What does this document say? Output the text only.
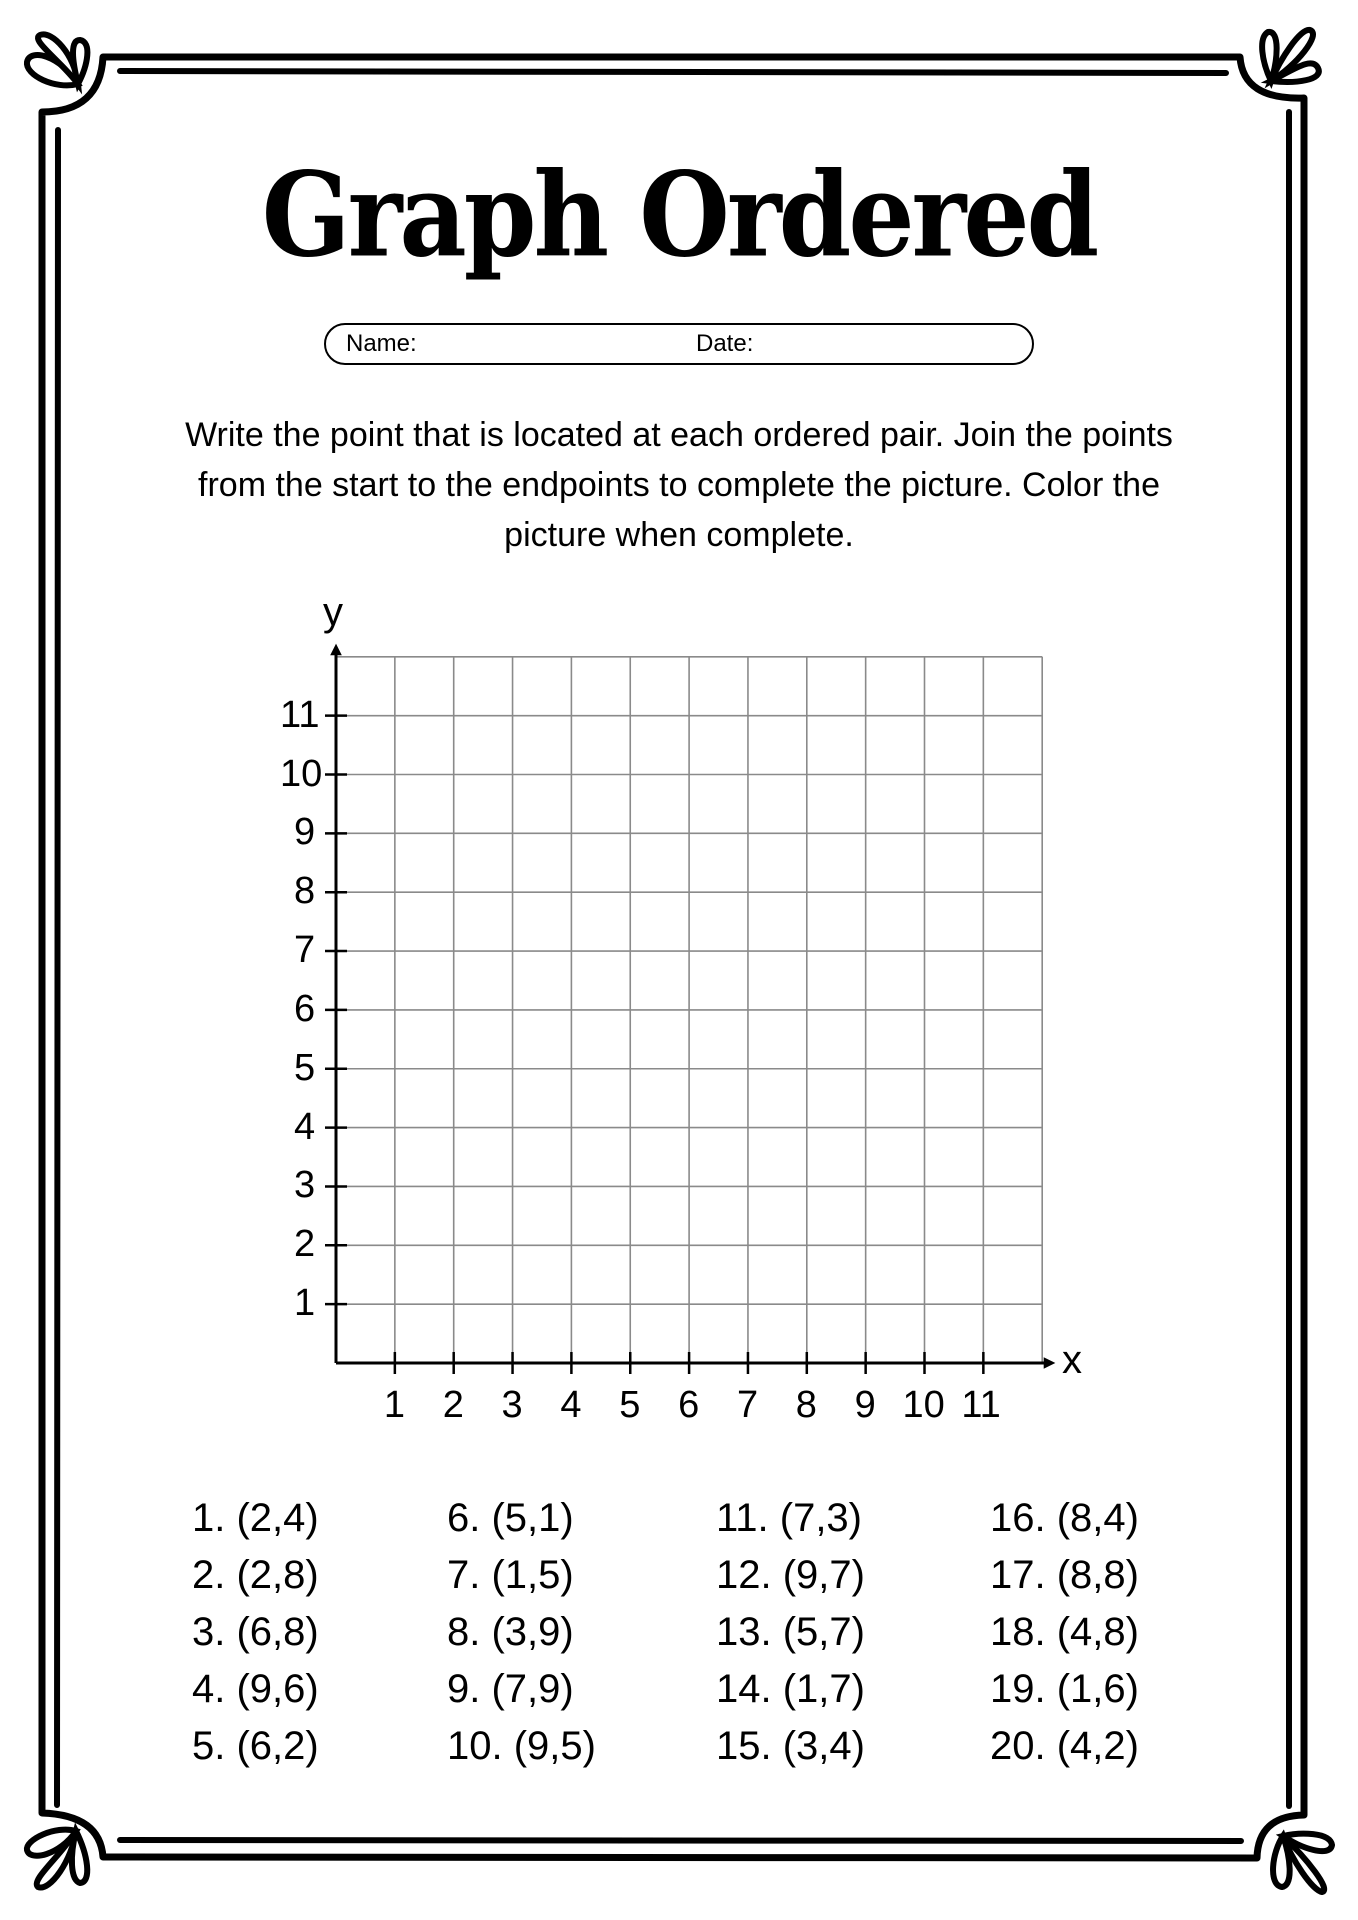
Graph Ordered
Name:	Date:
Write the point that is located at each ordered pair. Join the points from the start to the endpoints to complete the picture. Color the picture when complete.
y
x
1 2 3 4 5 6 7 8 9 10 11
1
2
3
4
5
6
7
8
9
10
11
1. (2,4)
2. (2,8)
3. (6,8)
4. (9,6)
5. (6,2)
6. (5,1)
7. (1,5)
8. (3,9)
9. (7,9)
10. (9,5)
11. (7,3)
12. (9,7)
13. (5,7)
14. (1,7)
15. (3,4)
16. (8,4)
17. (8,8)
18. (4,8)
19. (1,6)
20. (4,2)
